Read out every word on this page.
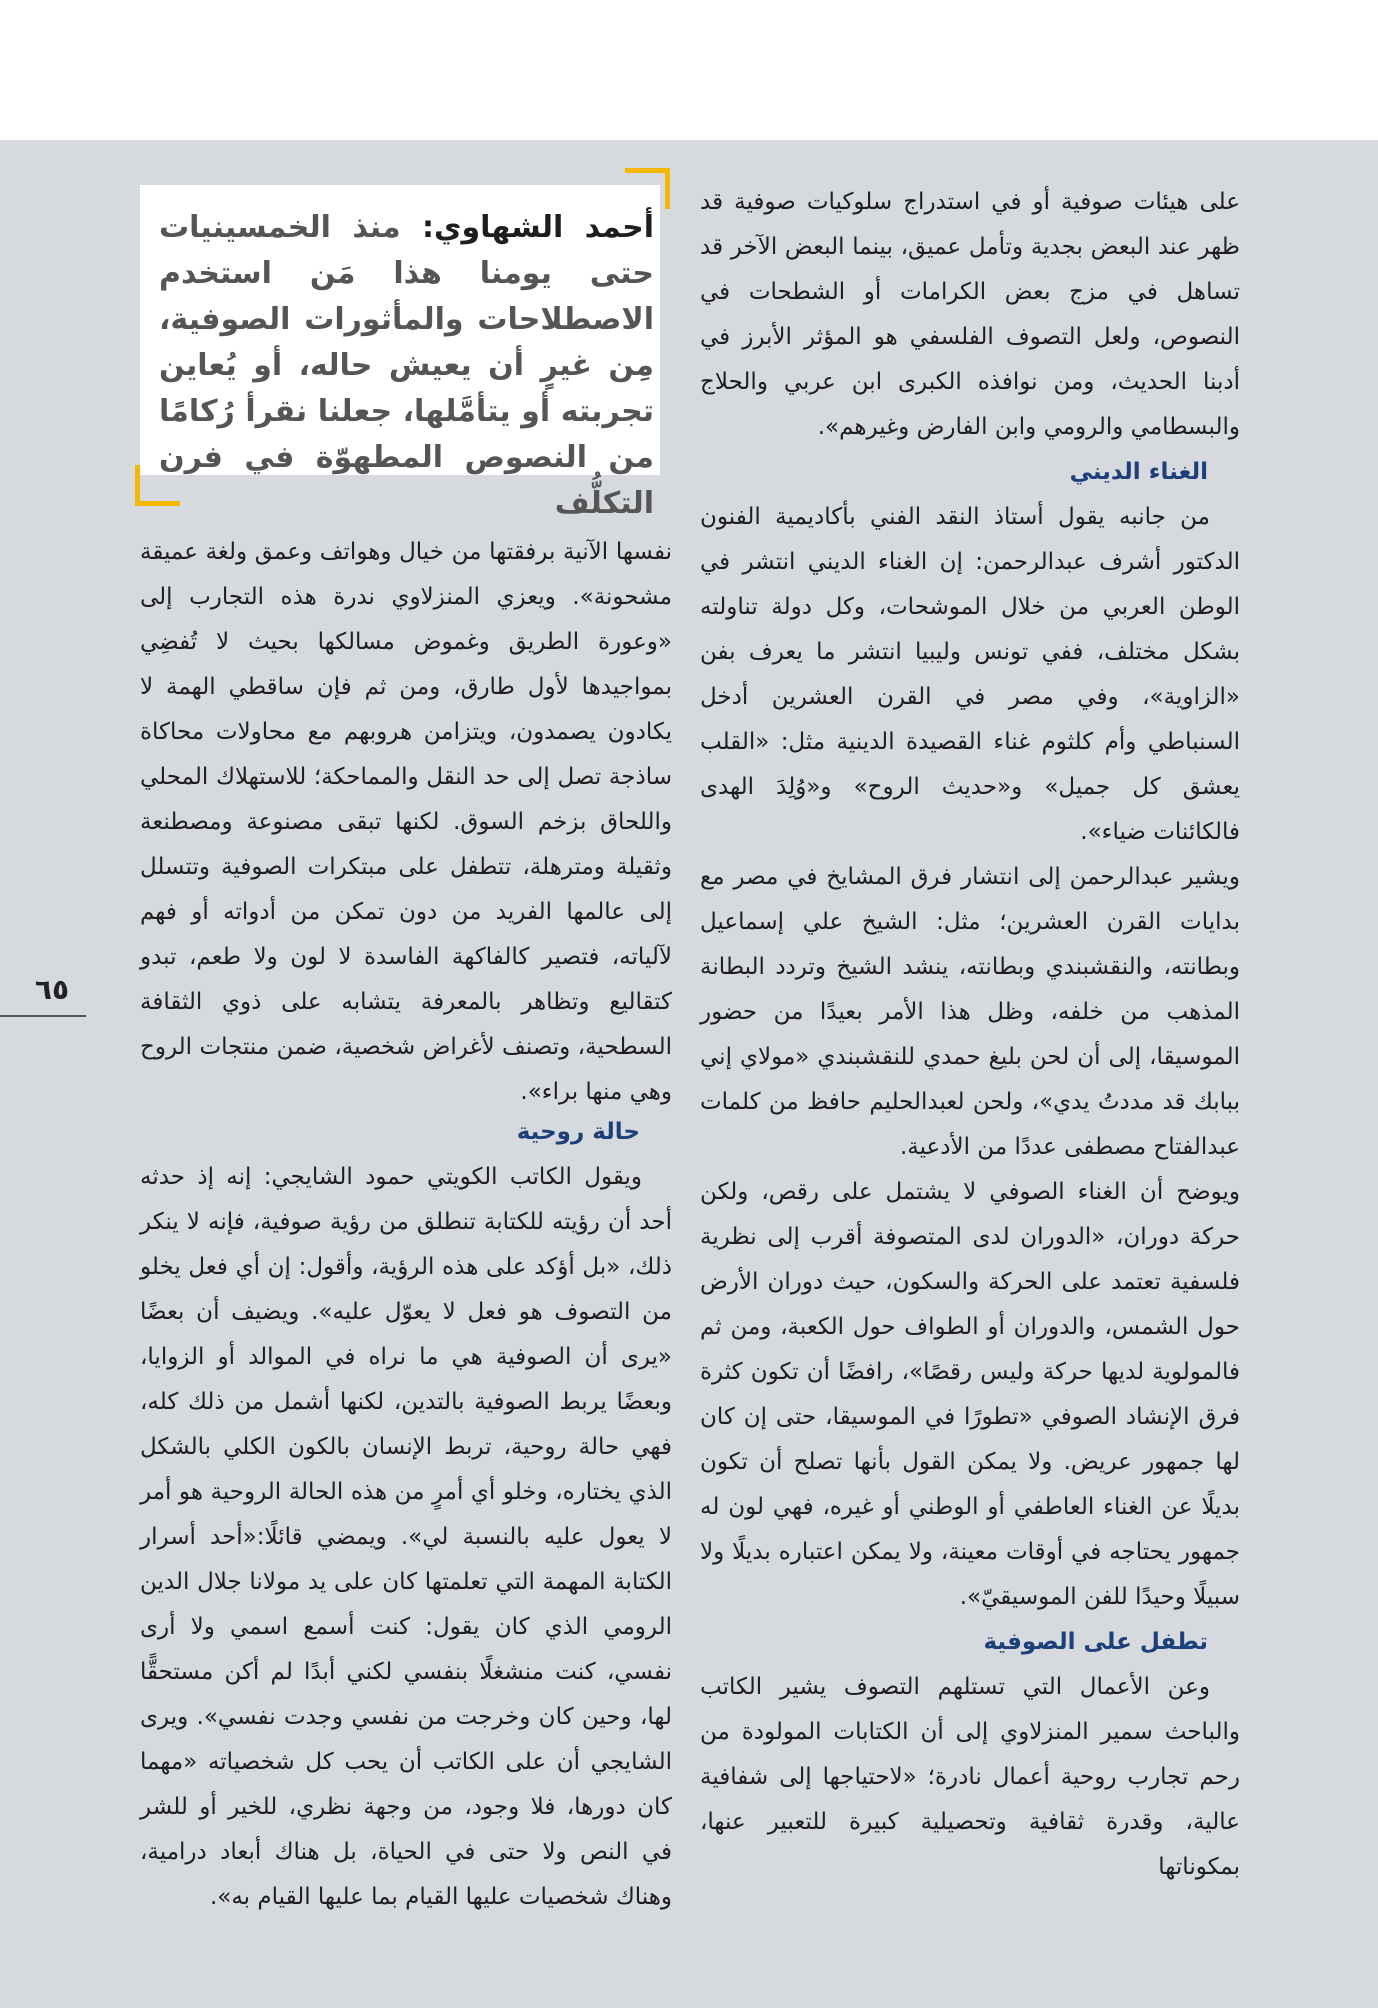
على هيئات صوفية أو في استدراج سلوكيات صوفية قد ظهر عند البعض بجدية وتأمل عميق، بينما البعض الآخر قد تساهل في مزج بعض الكرامات أو الشطحات في النصوص، ولعل التصوف الفلسفي هو المؤثر الأبرز في أدبنا الحديث، ومن نوافذه الكبرى ابن عربي والحلاج والبسطامي والرومي وابن الفارض وغيرهم».

الغناء الديني

من جانبه يقول أستاذ النقد الفني بأكاديمية الفنون الدكتور أشرف عبدالرحمن: إن الغناء الديني انتشر في الوطن العربي من خلال الموشحات، وكل دولة تناولته بشكل مختلف، ففي تونس وليبيا انتشر ما يعرف بفن «الزاوية»، وفي مصر في القرن العشرين أدخل السنباطي وأم كلثوم غناء القصيدة الدينية مثل: «القلب يعشق كل جميل» و«حديث الروح» و«وُلِدَ الهدى فالكائنات ضياء».

ويشير عبدالرحمن إلى انتشار فرق المشايخ في مصر مع بدايات القرن العشرين؛ مثل: الشيخ علي إسماعيل وبطانته، والنقشبندي وبطانته، ينشد الشيخ وتردد البطانة المذهب من خلفه، وظل هذا الأمر بعيدًا من حضور الموسيقا، إلى أن لحن بليغ حمدي للنقشبندي «مولاي إني ببابك قد مددتُ يدي»، ولحن لعبدالحليم حافظ من كلمات عبدالفتاح مصطفى عددًا من الأدعية.

ويوضح أن الغناء الصوفي لا يشتمل على رقص، ولكن حركة دوران، «الدوران لدى المتصوفة أقرب إلى نظرية فلسفية تعتمد على الحركة والسكون، حيث دوران الأرض حول الشمس، والدوران أو الطواف حول الكعبة، ومن ثم فالمولوية لديها حركة وليس رقصًا»، رافضًا أن تكون كثرة فرق الإنشاد الصوفي «تطورًا في الموسيقا، حتى إن كان لها جمهور عريض. ولا يمكن القول بأنها تصلح أن تكون بديلًا عن الغناء العاطفي أو الوطني أو غيره، فهي لون له جمهور يحتاجه في أوقات معينة، ولا يمكن اعتباره بديلًا ولا سبيلًا وحيدًا للفن الموسيقيّ».

تطفل على الصوفية

وعن الأعمال التي تستلهم التصوف يشير الكاتب والباحث سمير المنزلاوي إلى أن الكتابات المولودة من رحم تجارب روحية أعمال نادرة؛ «لاحتياجها إلى شفافية عالية، وقدرة ثقافية وتحصيلية كبيرة للتعبير عنها، بمكوناتها

أحمد الشهاوي: منذ الخمسينيات حتى يومنا هذا مَن استخدم الاصطلاحات والمأثورات الصوفية، مِن غيرٍ أن يعيش حاله، أو يُعاين تجربته أو يتأمَّلها، جعلنا نقرأ رُكامًا من النصوص المطهوّة في فرن التكلُّف

نفسها الآنية برفقتها من خيال وهواتف وعمق ولغة عميقة مشحونة». ويعزي المنزلاوي ندرة هذه التجارب إلى «وعورة الطريق وغموض مسالكها بحيث لا تُفضِي بمواجيدها لأول طارق، ومن ثم فإن ساقطي الهمة لا يكادون يصمدون، ويتزامن هروبهم مع محاولات محاكاة ساذجة تصل إلى حد النقل والمماحكة؛ للاستهلاك المحلي واللحاق بزخم السوق. لكنها تبقى مصنوعة ومصطنعة وثقيلة ومترهلة، تتطفل على مبتكرات الصوفية وتتسلل إلى عالمها الفريد من دون تمكن من أدواته أو فهم لآلياته، فتصير كالفاكهة الفاسدة لا لون ولا طعم، تبدو كتقاليع وتظاهر بالمعرفة يتشابه على ذوي الثقافة السطحية، وتصنف لأغراض شخصية، ضمن منتجات الروح وهي منها براء».

حالة روحية

ويقول الكاتب الكويتي حمود الشايجي: إنه إذ حدثه أحد أن رؤيته للكتابة تنطلق من رؤية صوفية، فإنه لا ينكر ذلك، «بل أؤكد على هذه الرؤية، وأقول: إن أي فعل يخلو من التصوف هو فعل لا يعوّل عليه». ويضيف أن بعضًا «يرى أن الصوفية هي ما نراه في الموالد أو الزوايا، وبعضًا يربط الصوفية بالتدين، لكنها أشمل من ذلك كله، فهي حالة روحية، تربط الإنسان بالكون الكلي بالشكل الذي يختاره، وخلو أي أمرٍ من هذه الحالة الروحية هو أمر لا يعول عليه بالنسبة لي». ويمضي قائلًا:«أحد أسرار الكتابة المهمة التي تعلمتها كان على يد مولانا جلال الدين الرومي الذي كان يقول: كنت أسمع اسمي ولا أرى نفسي، كنت منشغلًا بنفسي لكني أبدًا لم أكن مستحقًّا لها، وحين كان وخرجت من نفسي وجدت نفسي». ويرى الشايجي أن على الكاتب أن يحب كل شخصياته «مهما كان دورها، فلا وجود، من وجهة نظري، للخير أو للشر في النص ولا حتى في الحياة، بل هناك أبعاد درامية، وهناك شخصيات عليها القيام بما عليها القيام به».

٦٥
